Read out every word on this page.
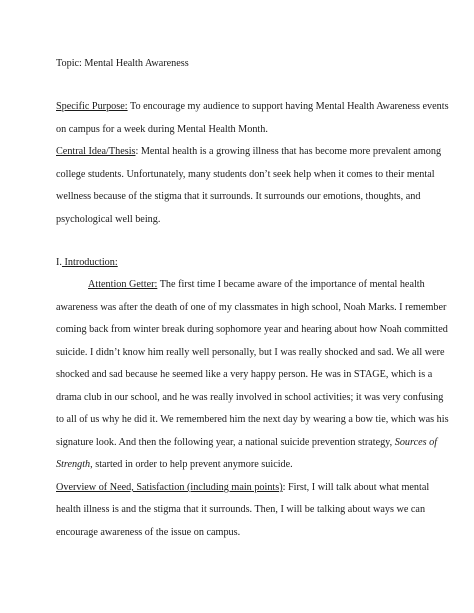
Topic: Mental Health Awareness
Specific Purpose: To encourage my audience to support having Mental Health Awareness events
on campus for a week during Mental Health Month.
Central Idea/Thesis: Mental health is a growing illness that has become more prevalent among
college students. Unfortunately, many students don’t seek help when it comes to their mental
wellness because of the stigma that it surrounds. It surrounds our emotions, thoughts, and
psychological well being.
I. Introduction:
Attention Getter: The first time I became aware of the importance of mental health
awareness was after the death of one of my classmates in high school, Noah Marks. I remember
coming back from winter break during sophomore year and hearing about how Noah committed
suicide. I didn’t know him really well personally, but I was really shocked and sad. We all were
shocked and sad because he seemed like a very happy person. He was in STAGE, which is a
drama club in our school, and he was really involved in school activities; it was very confusing
to all of us why he did it. We remembered him the next day by wearing a bow tie, which was his
signature look. And then the following year, a national suicide prevention strategy, Sources of
Strength, started in order to help prevent anymore suicide.
Overview of Need, Satisfaction (including main points): First, I will talk about what mental
health illness is and the stigma that it surrounds. Then, I will be talking about ways we can
encourage awareness of the issue on campus.
